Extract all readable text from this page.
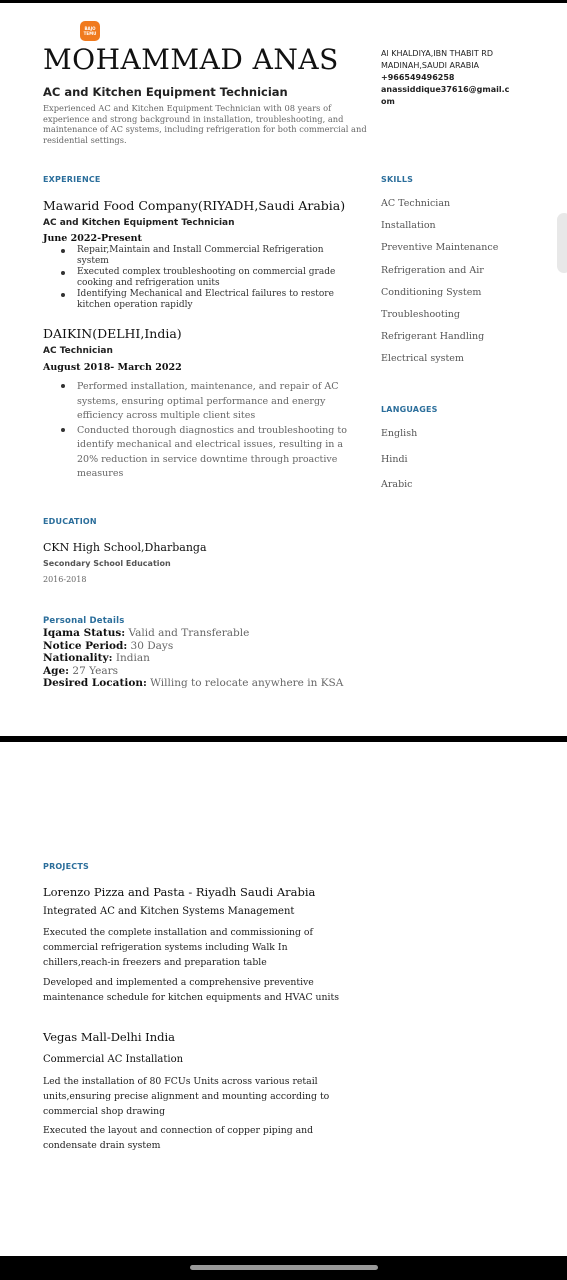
BAJO
TEMU
MOHAMMAD ANAS
AC and Kitchen Equipment Technician
Experienced AC and Kitchen Equipment Technician with 08 years of experience and strong background in installation, troubleshooting, and maintenance of AC systems, including refrigeration for both commercial and residential settings.
Al KHALDIYA,IBN THABIT RD
MADINAH,SAUDI ARABIA
+966549496258
anassiddique37616@gmail.com
EXPERIENCE
Mawarid Food Company(RIYADH,Saudi Arabia)
AC and Kitchen Equipment Technician
June 2022-Present
Repair,Maintain and Install Commercial Refrigeration system
Executed complex troubleshooting on commercial grade cooking and refrigeration units
Identifying Mechanical and Electrical failures to restore kitchen operation rapidly
DAIKIN(DELHI,India)
AC Technician
August 2018- March 2022
Performed installation, maintenance, and repair of AC systems, ensuring optimal performance and energy efficiency across multiple client sites
Conducted thorough diagnostics and troubleshooting to identify mechanical and electrical issues, resulting in a 20% reduction in service downtime through proactive measures
SKILLS
AC Technician
Installation
Preventive Maintenance
Refrigeration and Air
Conditioning System
Troubleshooting
Refrigerant Handling
Electrical system
LANGUAGES
English
Hindi
Arabic
EDUCATION
CKN High School,Dharbanga
Secondary School Education
2016-2018
Personal Details
Iqama Status: Valid and Transferable
Notice Period: 30 Days
Nationality: Indian
Age: 27 Years
Desired Location: Willing to relocate anywhere in KSA
PROJECTS
Lorenzo Pizza and Pasta - Riyadh Saudi Arabia
Integrated AC and Kitchen Systems Management
Executed the complete installation and commissioning of commercial refrigeration systems including Walk In chillers,reach-in freezers and preparation table
Developed and implemented a comprehensive preventive maintenance schedule for kitchen equipments and HVAC units
Vegas Mall-Delhi India
Commercial AC Installation
Led the installation of 80 FCUs Units across various retail units,ensuring precise alignment and mounting according to commercial shop drawing
Executed the layout and connection of copper piping and condensate drain system
